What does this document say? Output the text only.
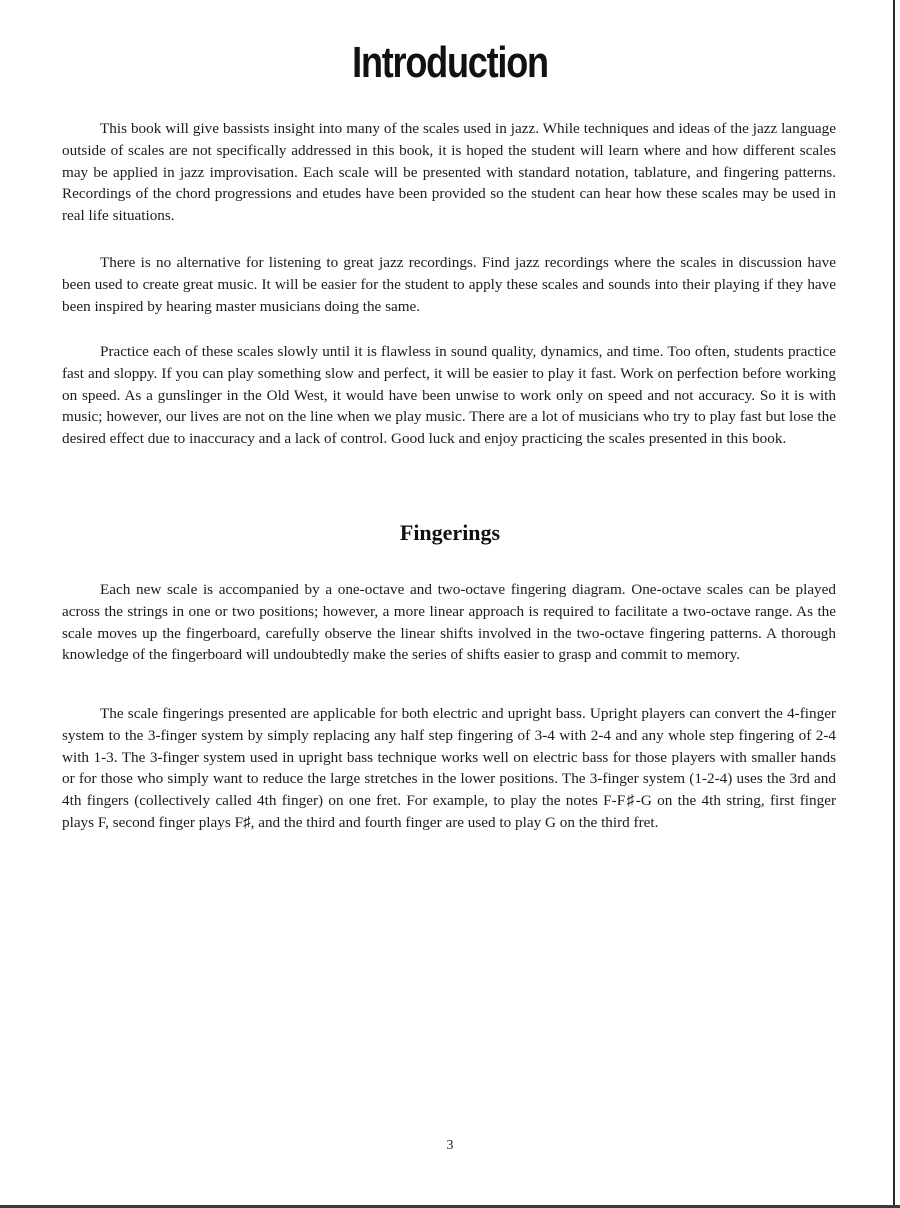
Introduction

This book will give bassists insight into many of the scales used in jazz. While techniques and ideas of the jazz language outside of scales are not specifically addressed in this book, it is hoped the student will learn where and how different scales may be applied in jazz improvisation. Each scale will be presented with standard notation, tablature, and fingering patterns. Recordings of the chord progressions and etudes have been provided so the student can hear how these scales may be used in real life situations.

There is no alternative for listening to great jazz recordings. Find jazz recordings where the scales in discussion have been used to create great music. It will be easier for the student to apply these scales and sounds into their playing if they have been inspired by hearing master musicians doing the same.

Practice each of these scales slowly until it is flawless in sound quality, dynamics, and time. Too often, students practice fast and sloppy. If you can play something slow and perfect, it will be easier to play it fast. Work on perfection before working on speed. As a gunslinger in the Old West, it would have been unwise to work only on speed and not accuracy. So it is with music; however, our lives are not on the line when we play music. There are a lot of musicians who try to play fast but lose the desired effect due to inaccuracy and a lack of control. Good luck and enjoy practicing the scales presented in this book.

Fingerings

Each new scale is accompanied by a one-octave and two-octave fingering diagram. One-octave scales can be played across the strings in one or two positions; however, a more linear approach is required to facilitate a two-octave range. As the scale moves up the fingerboard, carefully observe the linear shifts involved in the two-octave fingering patterns. A thorough knowledge of the fingerboard will undoubtedly make the series of shifts easier to grasp and commit to memory.

The scale fingerings presented are applicable for both electric and upright bass. Upright players can convert the 4-finger system to the 3-finger system by simply replacing any half step fingering of 3-4 with 2-4 and any whole step fingering of 2-4 with 1-3. The 3-finger system used in upright bass technique works well on electric bass for those players with smaller hands or for those who simply want to reduce the large stretches in the lower positions. The 3-finger system (1-2-4) uses the 3rd and 4th fingers (collectively called 4th finger) on one fret. For example, to play the notes F-F♯-G on the 4th string, first finger plays F, second finger plays F♯, and the third and fourth finger are used to play G on the third fret.

3
